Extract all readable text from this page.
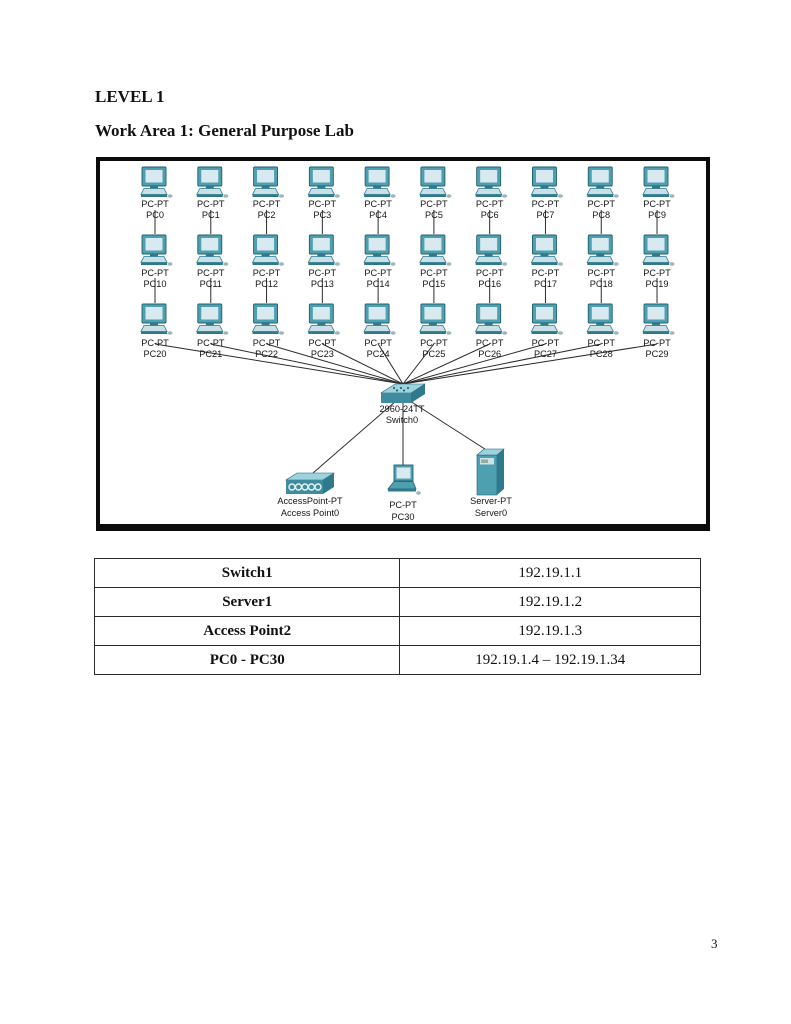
LEVEL 1
Work Area 1: General Purpose Lab
PC-PT
PC0
PC-PT
PC1
PC-PT
PC2
PC-PT
PC3
PC-PT
PC4
PC-PT
PC5
PC-PT
PC6
PC-PT
PC7
PC-PT
PC8
PC-PT
PC9
PC-PT
PC10
PC-PT
PC11
PC-PT
PC12
PC-PT
PC13
PC-PT
PC14
PC-PT
PC15
PC-PT
PC16
PC-PT
PC17
PC-PT
PC18
PC-PT
PC19
PC-PT
PC20
PC-PT
PC21
PC-PT
PC22
PC-PT
PC23
PC-PT
PC24
PC-PT
PC25
PC-PT
PC26
PC-PT
PC27
PC-PT
PC28
PC-PT
PC29
2960-24TT
Switch0
AccessPoint-PT
Access Point0
PC-PT
PC30
Server-PT
Server0
Switch1	192.19.1.1
Server1	192.19.1.2
Access Point2	192.19.1.3
PC0 - PC30	192.19.1.4 – 192.19.1.34
3
